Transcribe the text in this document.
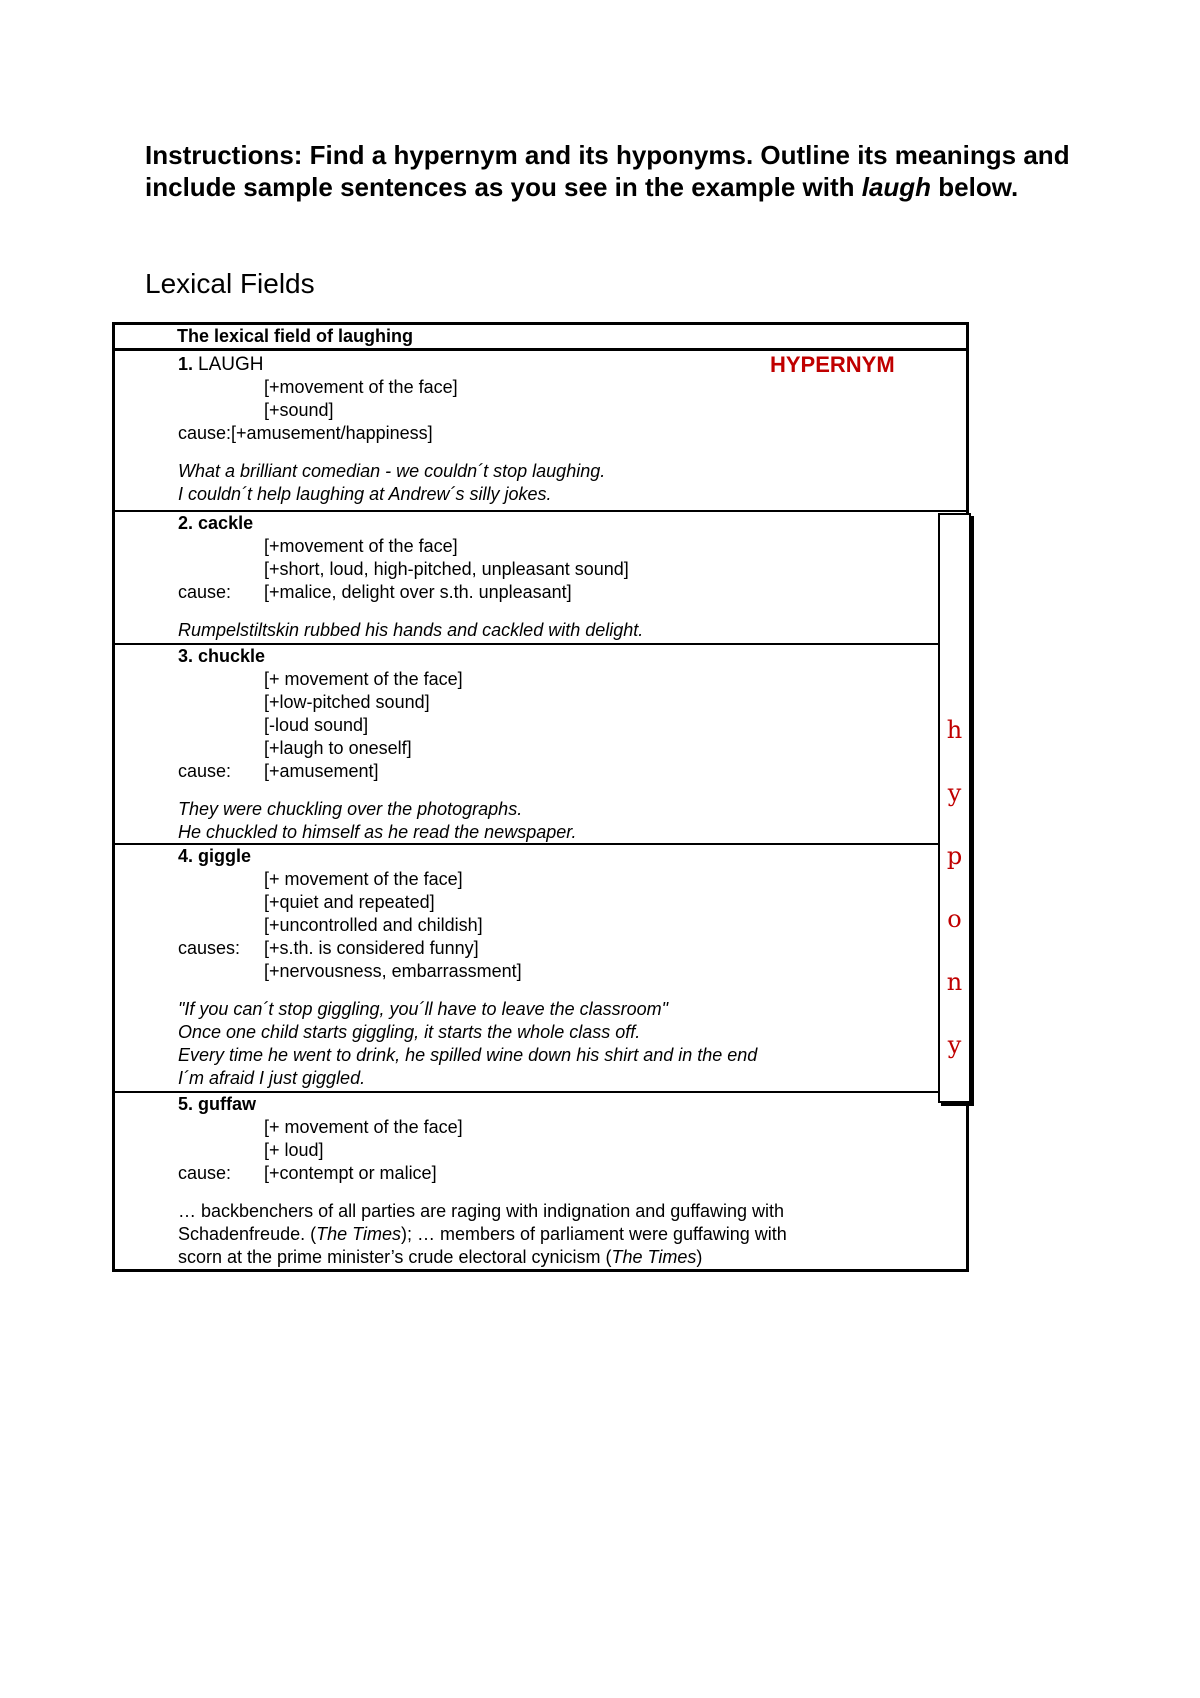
Instructions: Find a hypernym and its hyponyms. Outline its meanings and include sample sentences as you see in the example with laugh below.

Lexical Fields
The lexical field of laughing
HYPERNYM
h
y
p
o
n
y
1. LAUGH
[+movement of the face]
[+sound]
cause:[+amusement/happiness]
What a brilliant comedian - we couldn´t stop laughing.
I couldn´t help laughing at Andrew´s silly jokes.
2. cackle
[+movement of the face]
[+short, loud, high-pitched, unpleasant sound]
cause: [+malice, delight over s.th. unpleasant]
Rumpelstiltskin rubbed his hands and cackled with delight.
3. chuckle
[+ movement of the face]
[+low-pitched sound]
[-loud sound]
[+laugh to oneself]
cause: [+amusement]
They were chuckling over the photographs.
He chuckled to himself as he read the newspaper.
4. giggle
[+ movement of the face]
[+quiet and repeated]
[+uncontrolled and childish]
causes: [+s.th. is considered funny]
[+nervousness, embarrassment]
"If you can´t stop giggling, you´ll have to leave the classroom"
Once one child starts giggling, it starts the whole class off.
Every time he went to drink, he spilled wine down his shirt and in the end
I´m afraid I just giggled.
5. guffaw
[+ movement of the face]
[+ loud]
cause: [+contempt or malice]
… backbenchers of all parties are raging with indignation and guffawing with
Schadenfreude. (The Times); … members of parliament were guffawing with
scorn at the prime minister’s crude electoral cynicism (The Times)
